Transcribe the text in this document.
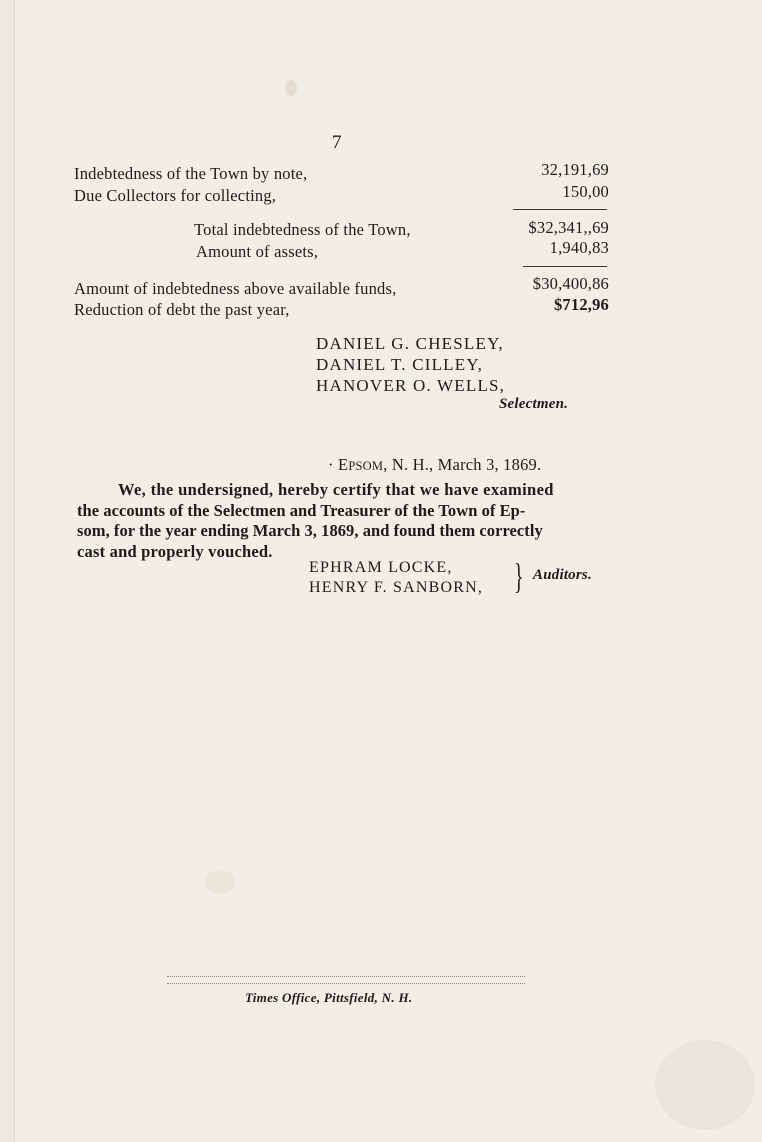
7
Indebtedness of the Town by note,	32,191,69
Due Collectors for collecting,	150,00
Total indebtedness of the Town,	$32,341,,69
Amount of assets,	1,940,83
Amount of indebtedness above available funds,	$30,400,86
Reduction of debt the past year,	$712,96
DANIEL G. CHESLEY,
DANIEL T. CILLEY,
HANOVER O. WELLS,
Selectmen.
· EPSOM, N. H., March 3, 1869.
We, the undersigned, hereby certify that we have examined
the accounts of the Selectmen and Treasurer of the Town of Ep-
som, for the year ending March 3, 1869, and found them correctly
cast and properly vouched.
EPHRAM LOCKE,
HENRY F. SANBORN, } Auditors.
Times Office, Pittsfield, N. H.
